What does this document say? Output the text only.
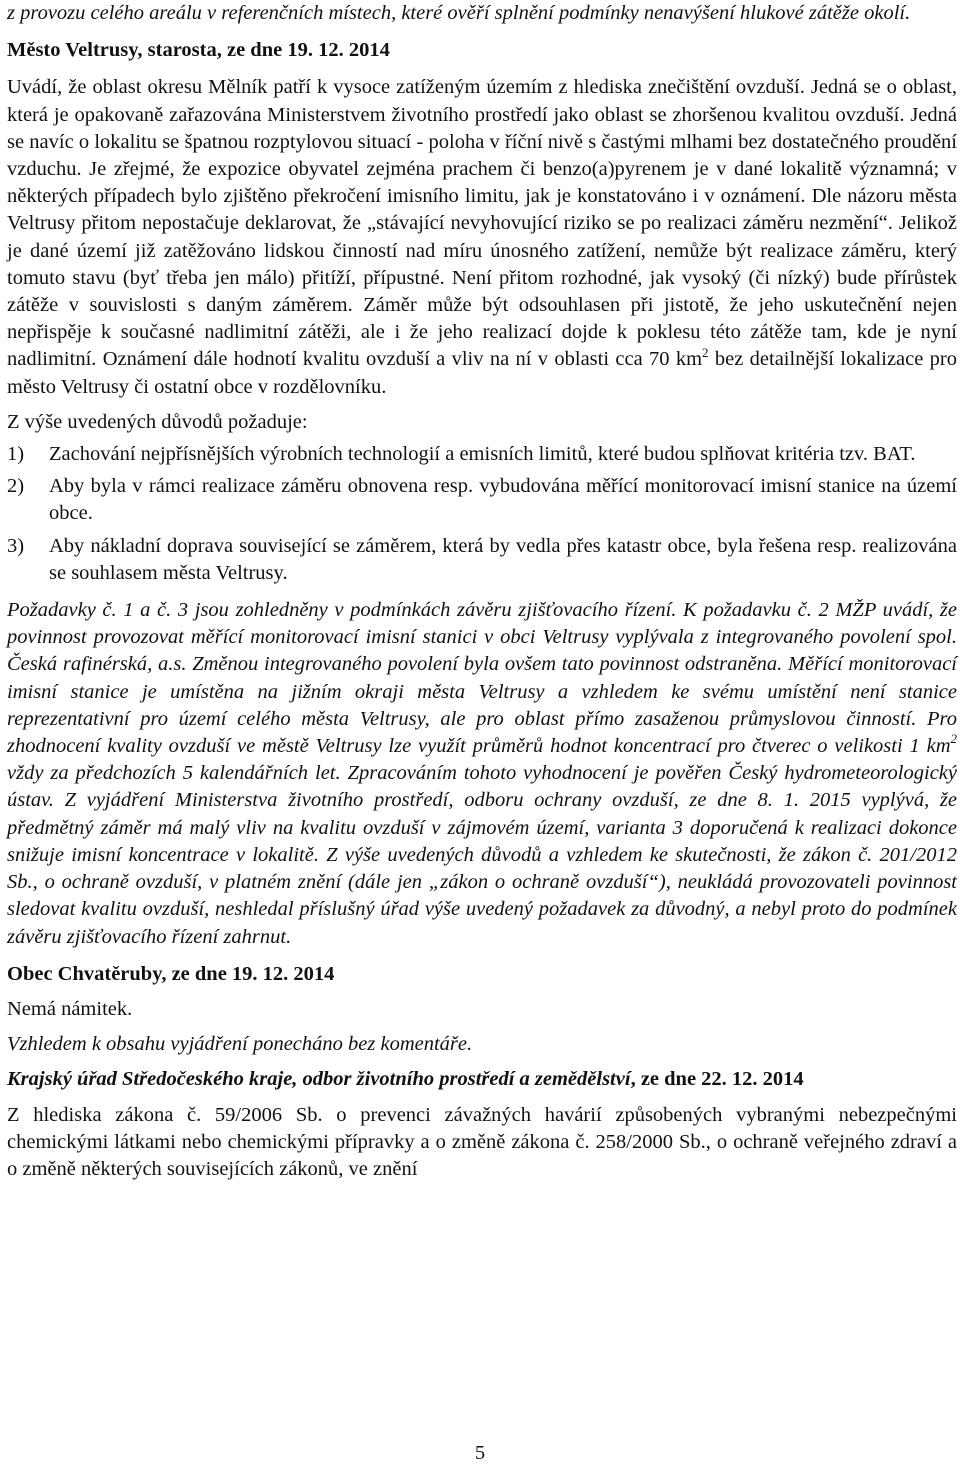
z provozu celého areálu v referenčních místech, které ověří splnění podmínky nenavýšení hlukové zátěže okolí.

Město Veltrusy, starosta, ze dne 19. 12. 2014

Uvádí, že oblast okresu Mělník patří k vysoce zatíženým územím z hlediska znečištění ovzduší. Jedná se o oblast, která je opakovaně zařazována Ministerstvem životního prostředí jako oblast se zhoršenou kvalitou ovzduší. Jedná se navíc o lokalitu se špatnou rozptylovou situací - poloha v říční nivě s častými mlhami bez dostatečného proudění vzduchu. Je zřejmé, že expozice obyvatel zejména prachem či benzo(a)pyrenem je v dané lokalitě významná; v některých případech bylo zjištěno překročení imisního limitu, jak je konstatováno i v oznámení. Dle názoru města Veltrusy přitom nepostačuje deklarovat, že „stávající nevyhovující riziko se po realizaci záměru nezmění“. Jelikož je dané území již zatěžováno lidskou činností nad míru únosného zatížení, nemůže být realizace záměru, který tomuto stavu (byť třeba jen málo) přitíží, přípustné. Není přitom rozhodné, jak vysoký (či nízký) bude přírůstek zátěže v souvislosti s daným záměrem. Záměr může být odsouhlasen při jistotě, že jeho uskutečnění nejen nepřispěje k současné nadlimitní zátěži, ale i že jeho realizací dojde k poklesu této zátěže tam, kde je nyní nadlimitní. Oznámení dále hodnotí kvalitu ovzduší a vliv na ní v oblasti cca 70 $km^2$ bez detailnější lokalizace pro město Veltrusy či ostatní obce v rozdělovníku.

Z výše uvedených důvodů požaduje:

1) Zachování nejpřísnějších výrobních technologií a emisních limitů, které budou splňovat kritéria tzv. BAT.
2) Aby byla v rámci realizace záměru obnovena resp. vybudována měřící monitorovací imisní stanice na území obce.
3) Aby nákladní doprava související se záměrem, která by vedla přes katastr obce, byla řešena resp. realizována se souhlasem města Veltrusy.

Požadavky č. 1 a č. 3 jsou zohledněny v podmínkách závěru zjišťovacího řízení. K požadavku č. 2 MŽP uvádí, že povinnost provozovat měřící monitorovací imisní stanici v obci Veltrusy vyplývala z integrovaného povolení spol. Česká rafinérská, a.s. Změnou integrovaného povolení byla ovšem tato povinnost odstraněna. Měřící monitorovací imisní stanice je umístěna na jižním okraji města Veltrusy a vzhledem ke svému umístění není stanice reprezentativní pro území celého města Veltrusy, ale pro oblast přímo zasaženou průmyslovou činností. Pro zhodnocení kvality ovzduší ve městě Veltrusy lze využít průměrů hodnot koncentrací pro čtverec o velikosti 1 $km^2$ vždy za předchozích 5 kalendářních let. Zpracováním tohoto vyhodnocení je pověřen Český hydrometeorologický ústav. Z vyjádření Ministerstva životního prostředí, odboru ochrany ovzduší, ze dne 8. 1. 2015 vyplývá, že předmětný záměr má malý vliv na kvalitu ovzduší v zájmovém území, varianta 3 doporučená k realizaci dokonce snižuje imisní koncentrace v lokalitě. Z výše uvedených důvodů a vzhledem ke skutečnosti, že zákon č. 201/2012 Sb., o ochraně ovzduší, v platném znění (dále jen „zákon o ochraně ovzduší“), neukládá provozovateli povinnost sledovat kvalitu ovzduší, neshledal příslušný úřad výše uvedený požadavek za důvodný, a nebyl proto do podmínek závěru zjišťovacího řízení zahrnut.

Obec Chvatěruby, ze dne 19. 12. 2014

Nemá námitek.

Vzhledem k obsahu vyjádření ponecháno bez komentáře.

Krajský úřad Středočeského kraje, odbor životního prostředí a zemědělství, ze dne 22. 12. 2014

Z hlediska zákona č. 59/2006 Sb. o prevenci závažných havárií způsobených vybranými nebezpečnými chemickými látkami nebo chemickými přípravky a o změně zákona č. 258/2000 Sb., o ochraně veřejného zdraví a o změně některých souvisejících zákonů, ve znění

5
